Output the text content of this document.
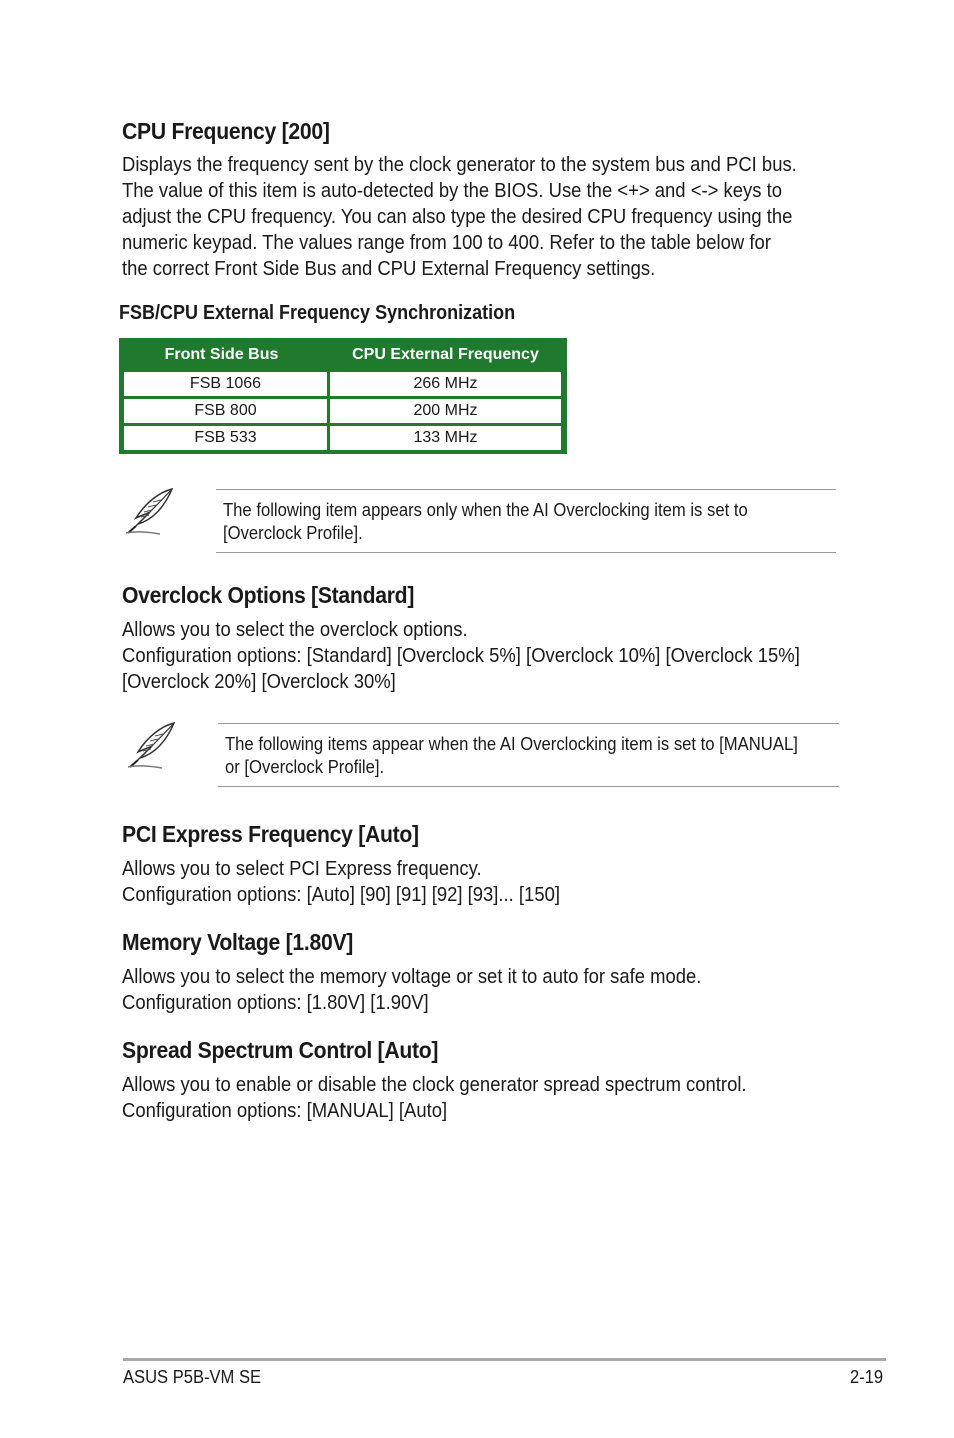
CPU Frequency [200]
Displays the frequency sent by the clock generator to the system bus and PCI bus.
The value of this item is auto-detected by the BIOS. Use the <+> and <-> keys to
adjust the CPU frequency. You can also type the desired CPU frequency using the
numeric keypad. The values range from 100 to 400. Refer to the table below for
the correct Front Side Bus and CPU External Frequency settings.
FSB/CPU External Frequency Synchronization
Front Side Bus	CPU External Frequency
FSB 1066	266 MHz
FSB 800	200 MHz
FSB 533	133 MHz
The following item appears only when the AI Overclocking item is set to
[Overclock Profile].
Overclock Options [Standard]
Allows you to select the overclock options.
Configuration options: [Standard] [Overclock 5%] [Overclock 10%] [Overclock 15%]
[Overclock 20%] [Overclock 30%]
The following items appear when the AI Overclocking item is set to [MANUAL]
or [Overclock Profile].
PCI Express Frequency [Auto]
Allows you to select PCI Express frequency.
Configuration options: [Auto] [90] [91] [92] [93]... [150]
Memory Voltage [1.80V]
Allows you to select the memory voltage or set it to auto for safe mode.
Configuration options: [1.80V] [1.90V]
Spread Spectrum Control [Auto]
Allows you to enable or disable the clock generator spread spectrum control.
Configuration options: [MANUAL] [Auto]
ASUS P5B-VM SE	2-19
